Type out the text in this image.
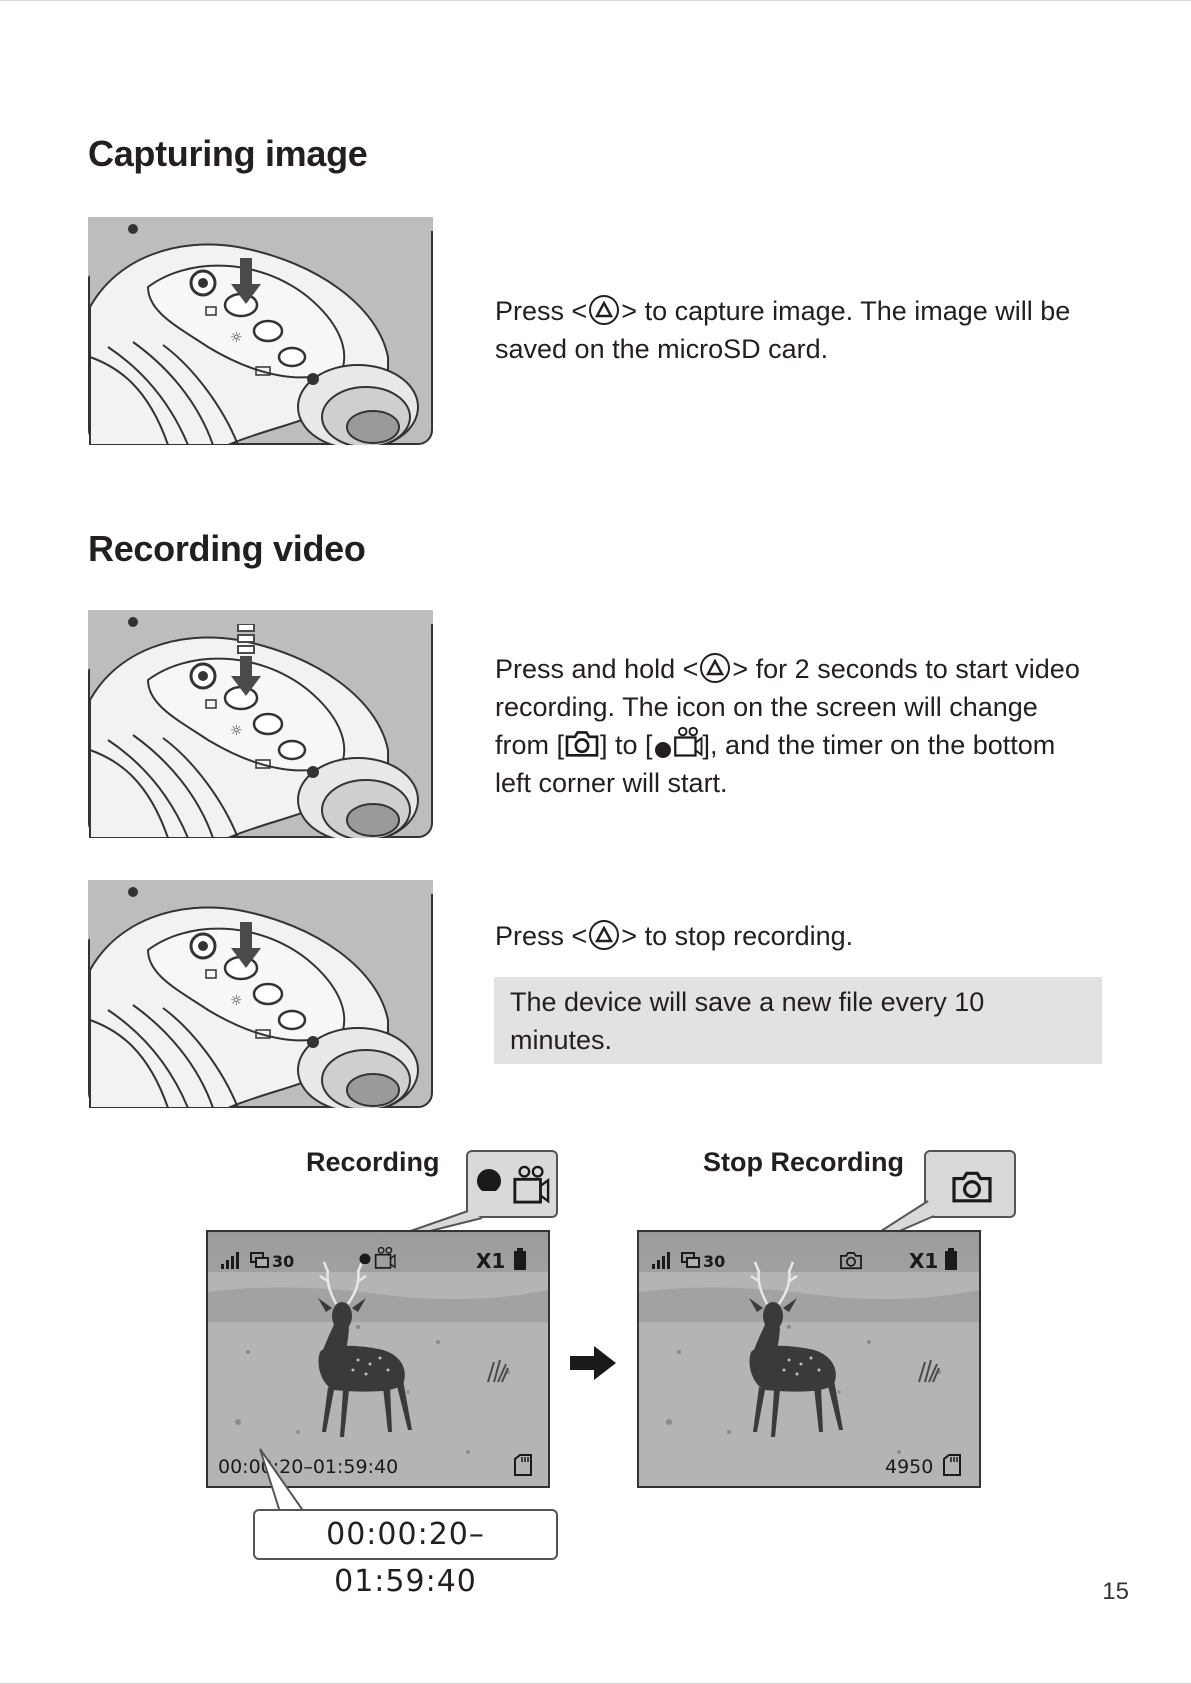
Capturing image
Press < > to capture image. The image will be saved on the microSD card.
Recording video
Press and hold < > for 2 seconds to start video recording. The icon on the screen will change from [ ] to [ ], and the timer on the bottom left corner will start.
Press < > to stop recording.
The device will save a new file every 10 minutes.
Recording
30	X1
00:00:20–01:59:40
Stop Recording
30	X1
4950
00:00:20–01:59:40	15
